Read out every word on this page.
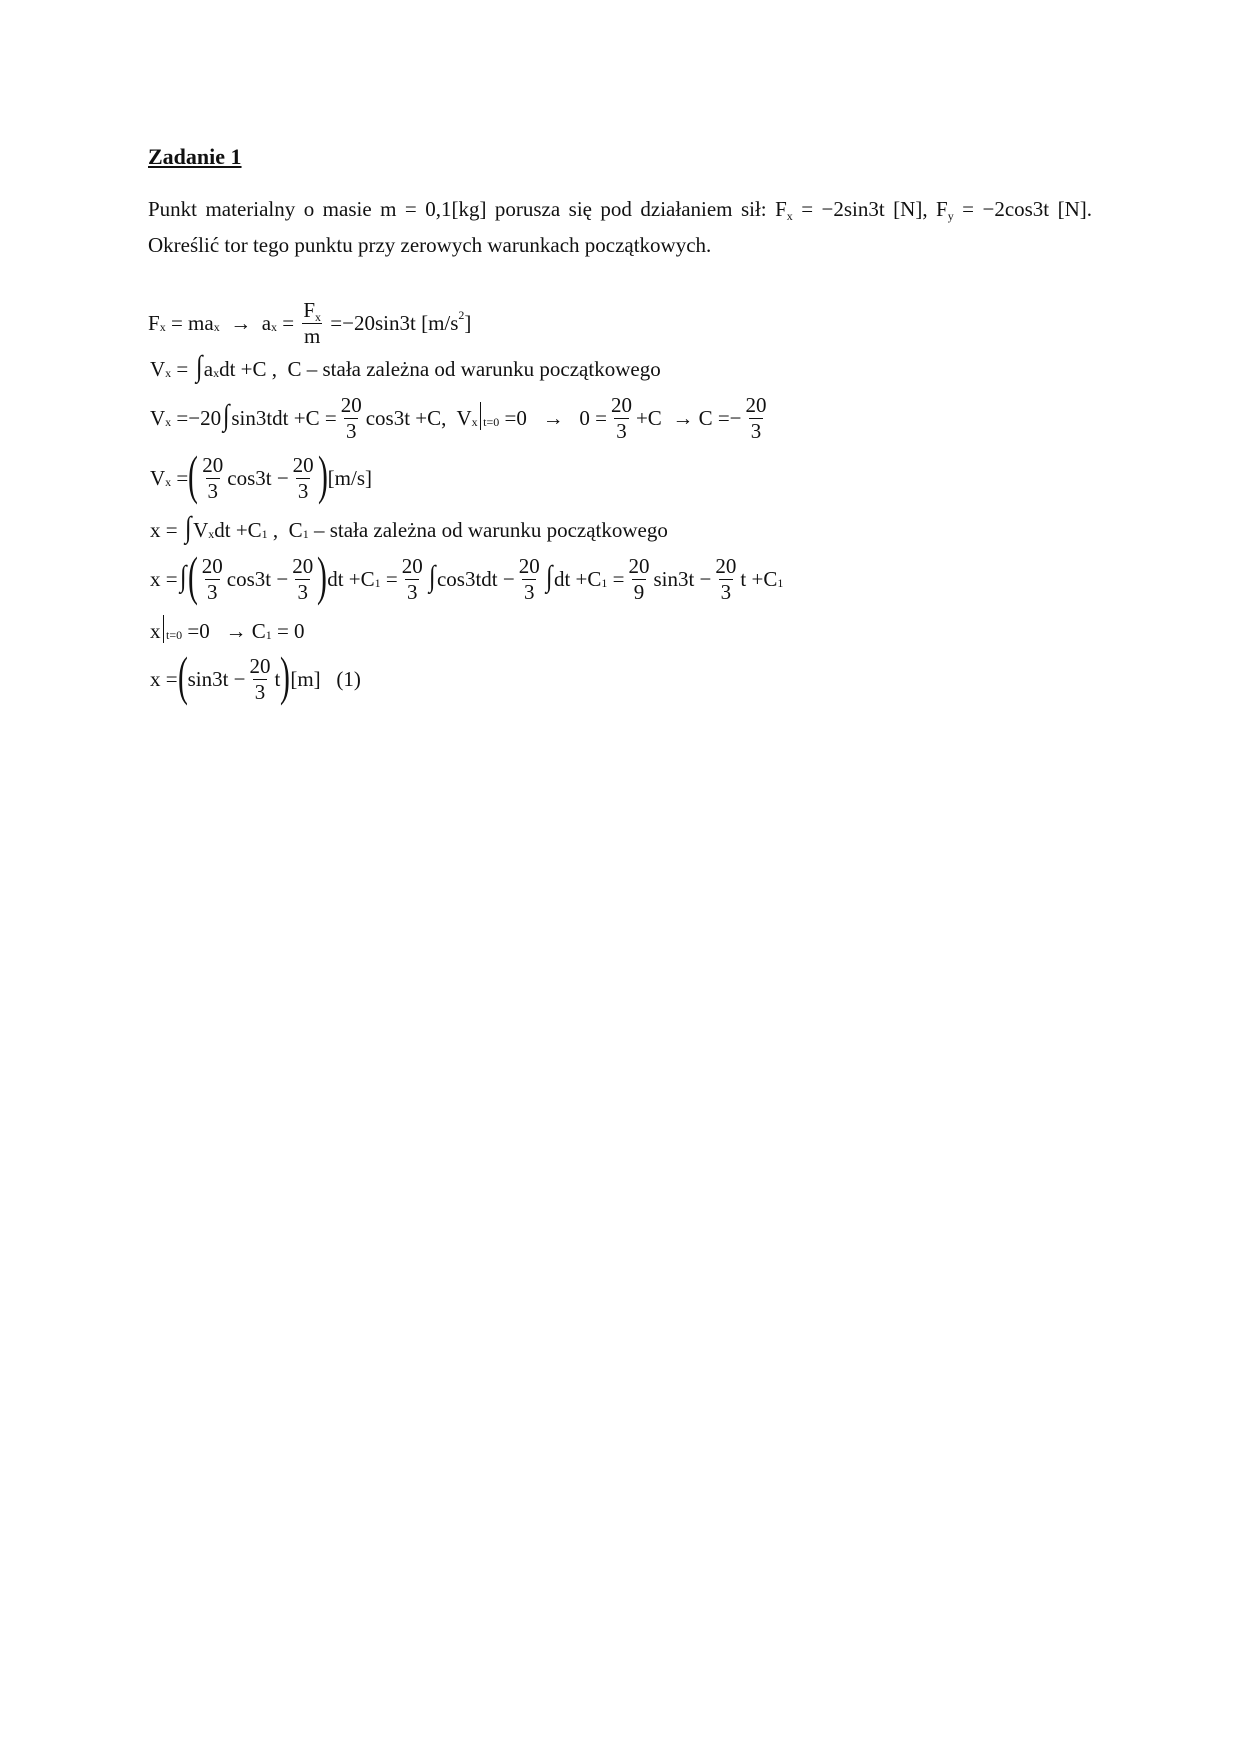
Zadanie 1
Punkt materialny o masie m = 0,1[kg] porusza się pod działaniem sił: $F_x = -2\sin 3t$ [N], $F_y = -2\cos 3t$ [N]. Określić tor tego punktu przy zerowych warunkach początkowych.
$F_x = ma_x \to a_x = \frac{F_x}{m} =-20\sin 3t$ [$m/s^2$ ]
$V_x$ = ∫ $a_x$ dt +C ,  C – stała zależna od warunku początkowego
$V_x =-20$ ∫ $\sin 3tdt +C = \frac{20}{3} \cos 3t +C$,  $V_x$ $_{t=0} =0 \to 0 = \frac{20}{3} +C \to C =- \frac{20}{3}$
$V_x$ = ( $\frac{20}{3} \cos 3t - \frac{20}{3}$ ) [m/s]
x = ∫ $V_x$ dt $+C_1$ ,  $C_1$ – stała zależna od warunku początkowego
x = ∫ ( $\frac{20}{3} \cos 3t - \frac{20}{3}$ ) dt $+C_1 = \frac{20}{3}$ ∫ $\cos 3tdt - \frac{20}{3}$ ∫ dt $+C_1 = \frac{20}{9} \sin 3t - \frac{20}{3}$ $t +C_1$
x $_{t=0} =0 \to C_1 = 0$
x = ( $\sin 3t - \frac{20}{3}$ t ) [m]   (1)
